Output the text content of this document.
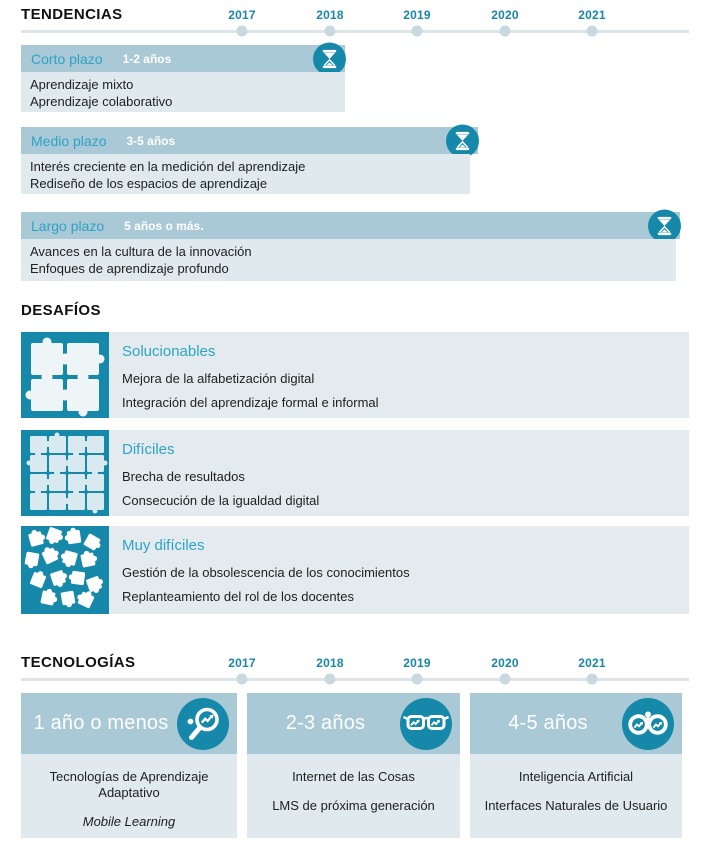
TENDENCIAS	2017	2018	2019	2020	2021
Corto plazo 1-2 años
Aprendizaje mixto
Aprendizaje colaborativo
Medio plazo 3-5 años
Interés creciente en la medición del aprendizaje
Rediseño de los espacios de aprendizaje
Largo plazo 5 años o más.
Avances en la cultura de la innovación
Enfoques de aprendizaje profundo
DESAFÍOS
Solucionables
Mejora de la alfabetización digital
Integración del aprendizaje formal e informal
Difíciles
Brecha de resultados
Consecución de la igualdad digital
Muy difíciles
Gestión de la obsolescencia de los conocimientos
Replanteamiento del rol de los docentes
TECNOLOGÍAS	2017	2018	2019	2020	2021
1 año o menos
Tecnologías de Aprendizaje Adaptativo
Mobile Learning
2-3 años
Internet de las Cosas
LMS de próxima generación
4-5 años
Inteligencia Artificial
Interfaces Naturales de Usuario
